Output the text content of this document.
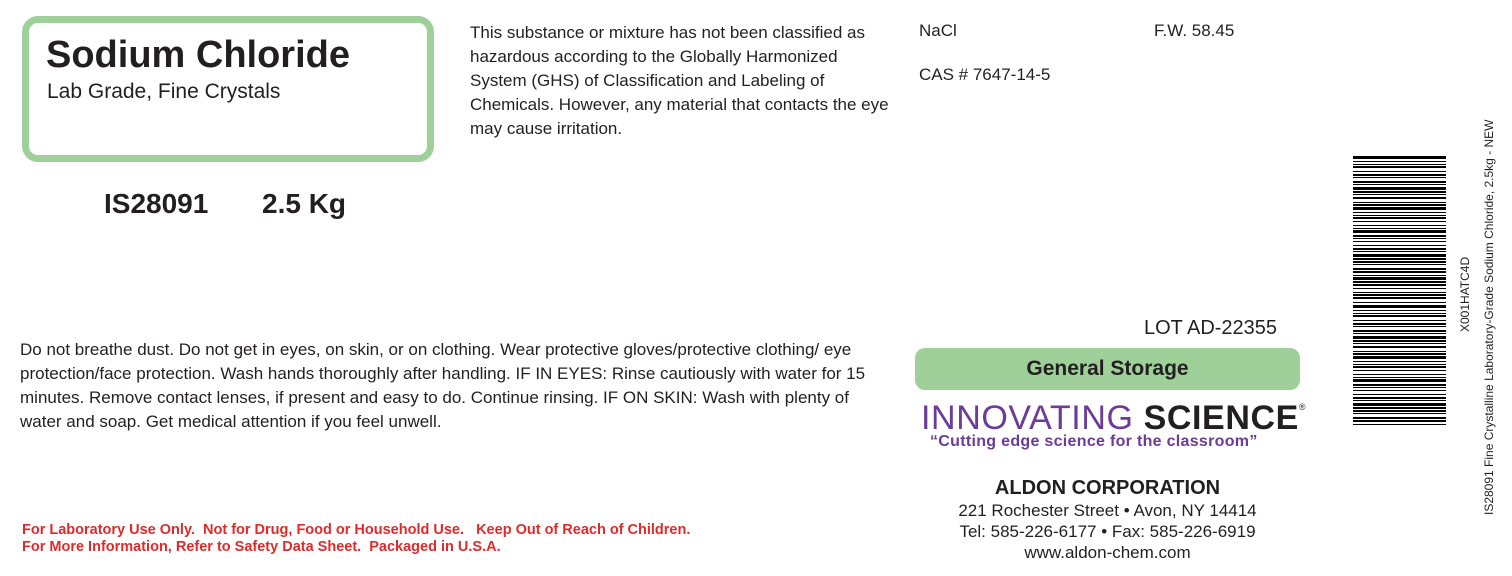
Sodium Chloride
Lab Grade, Fine Crystals
IS28091 2.5 Kg
This substance or mixture has not been classified as hazardous according to the Globally Harmonized System (GHS) of Classification and Labeling of Chemicals. However, any material that contacts the eye may cause irritation.
NaCl	F.W. 58.45
CAS # 7647-14-5
Do not breathe dust. Do not get in eyes, on skin, or on clothing. Wear protective gloves/protective clothing/ eye protection/face protection. Wash hands thoroughly after handling. IF IN EYES: Rinse cautiously with water for 15 minutes. Remove contact lenses, if present and easy to do. Continue rinsing. IF ON SKIN: Wash with plenty of water and soap. Get medical attention if you feel unwell.
LOT AD-22355
General Storage
INNOVATING SCIENCE®
“Cutting edge science for the classroom”
ALDON CORPORATION
221 Rochester Street • Avon, NY 14414
Tel: 585-226-6177 • Fax: 585-226-6919
www.aldon-chem.com
For Laboratory Use Only.  Not for Drug, Food or Household Use.   Keep Out of Reach of Children.
For More Information, Refer to Safety Data Sheet.  Packaged in U.S.A.
X001HATC4D IS28091 Fine Crystalline Laboratory-Grade Sodium Chloride, 2.5kg - NEW
